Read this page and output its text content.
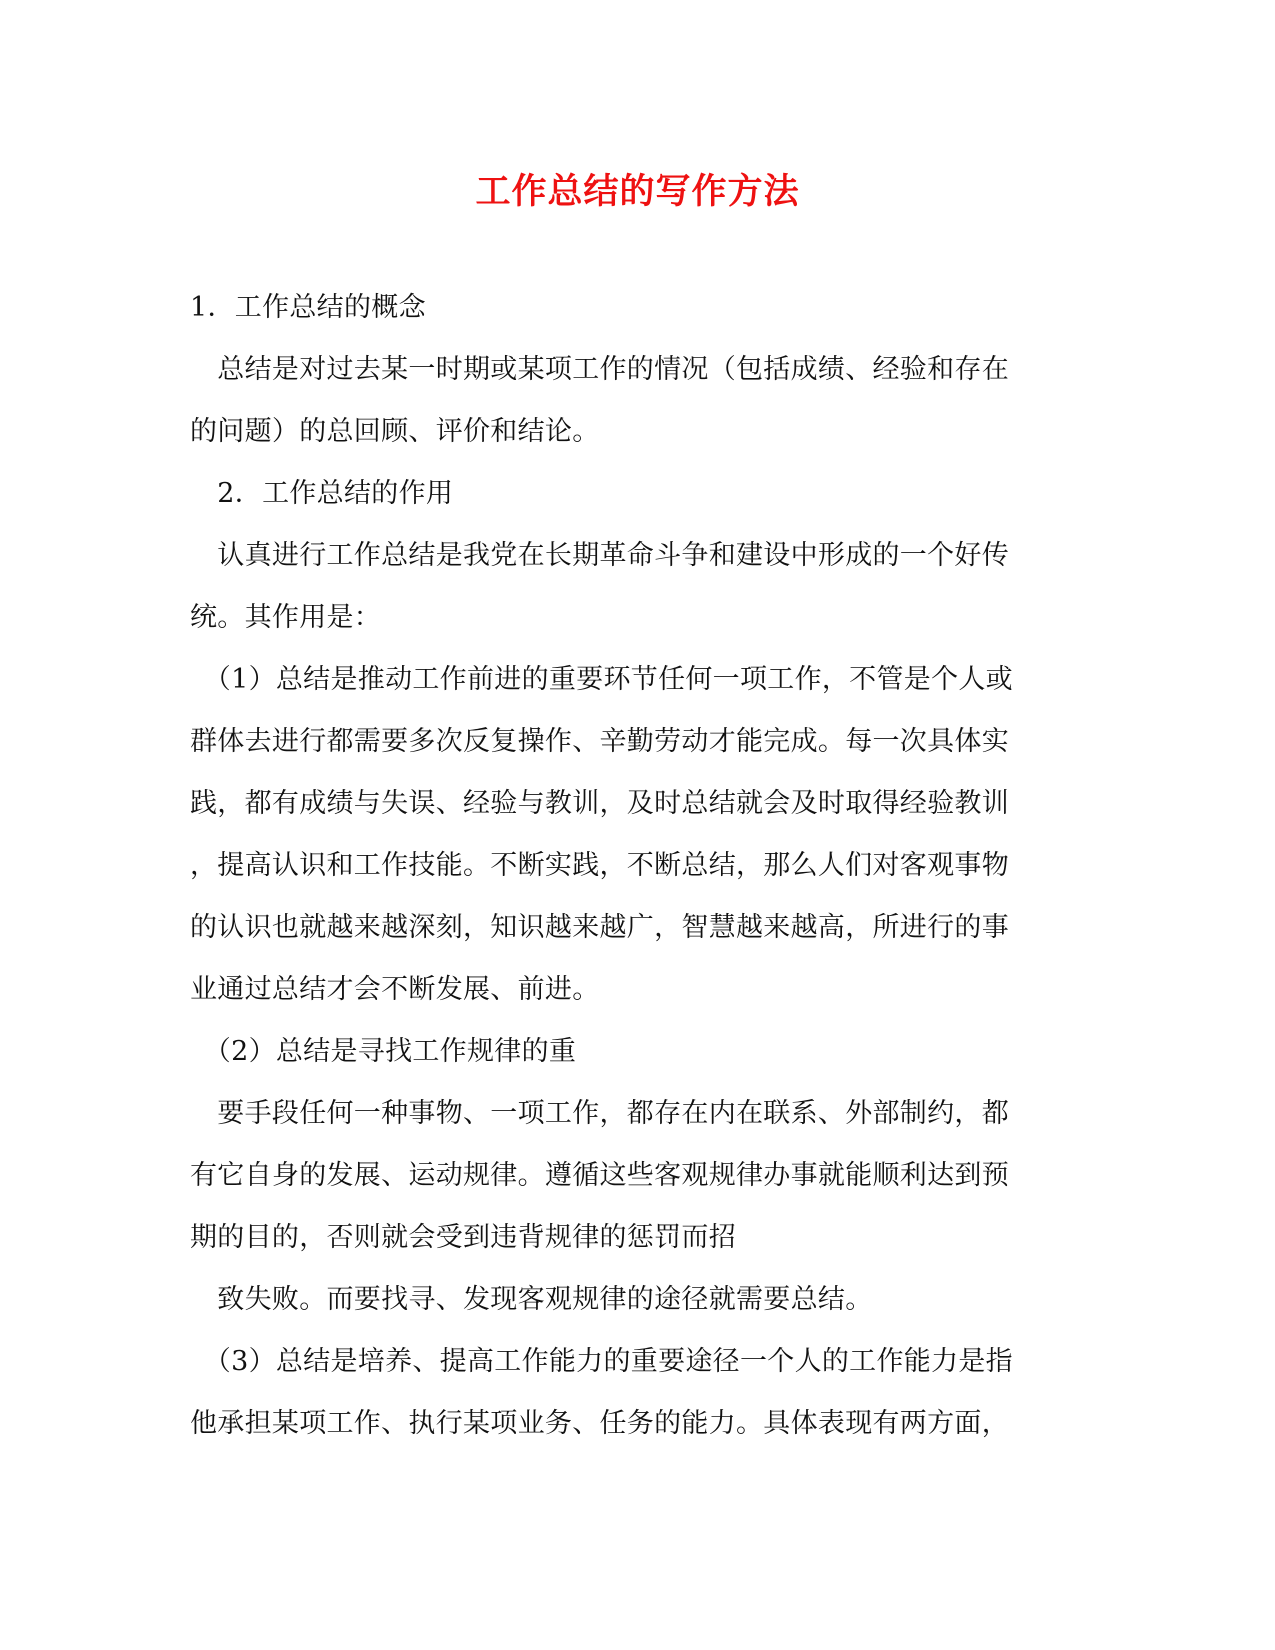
工作总结的写作方法
1．工作总结的概念
　总结是对过去某一时期或某项工作的情况（包括成绩、经验和存在
的问题）的总回顾、评价和结论。
　2．工作总结的作用
　认真进行工作总结是我党在长期革命斗争和建设中形成的一个好传
统。其作用是：
　（1）总结是推动工作前进的重要环节任何一项工作，不管是个人或
群体去进行都需要多次反复操作、辛勤劳动才能完成。每一次具体实
践，都有成绩与失误、经验与教训，及时总结就会及时取得经验教训
，提高认识和工作技能。不断实践，不断总结，那么人们对客观事物
的认识也就越来越深刻，知识越来越广，智慧越来越高，所进行的事
业通过总结才会不断发展、前进。
　（2）总结是寻找工作规律的重
　要手段任何一种事物、一项工作，都存在内在联系、外部制约，都
有它自身的发展、运动规律。遵循这些客观规律办事就能顺利达到预
期的目的，否则就会受到违背规律的惩罚而招
　致失败。而要找寻、发现客观规律的途径就需要总结。
　（3）总结是培养、提高工作能力的重要途径一个人的工作能力是指
他承担某项工作、执行某项业务、任务的能力。具体表现有两方面，
